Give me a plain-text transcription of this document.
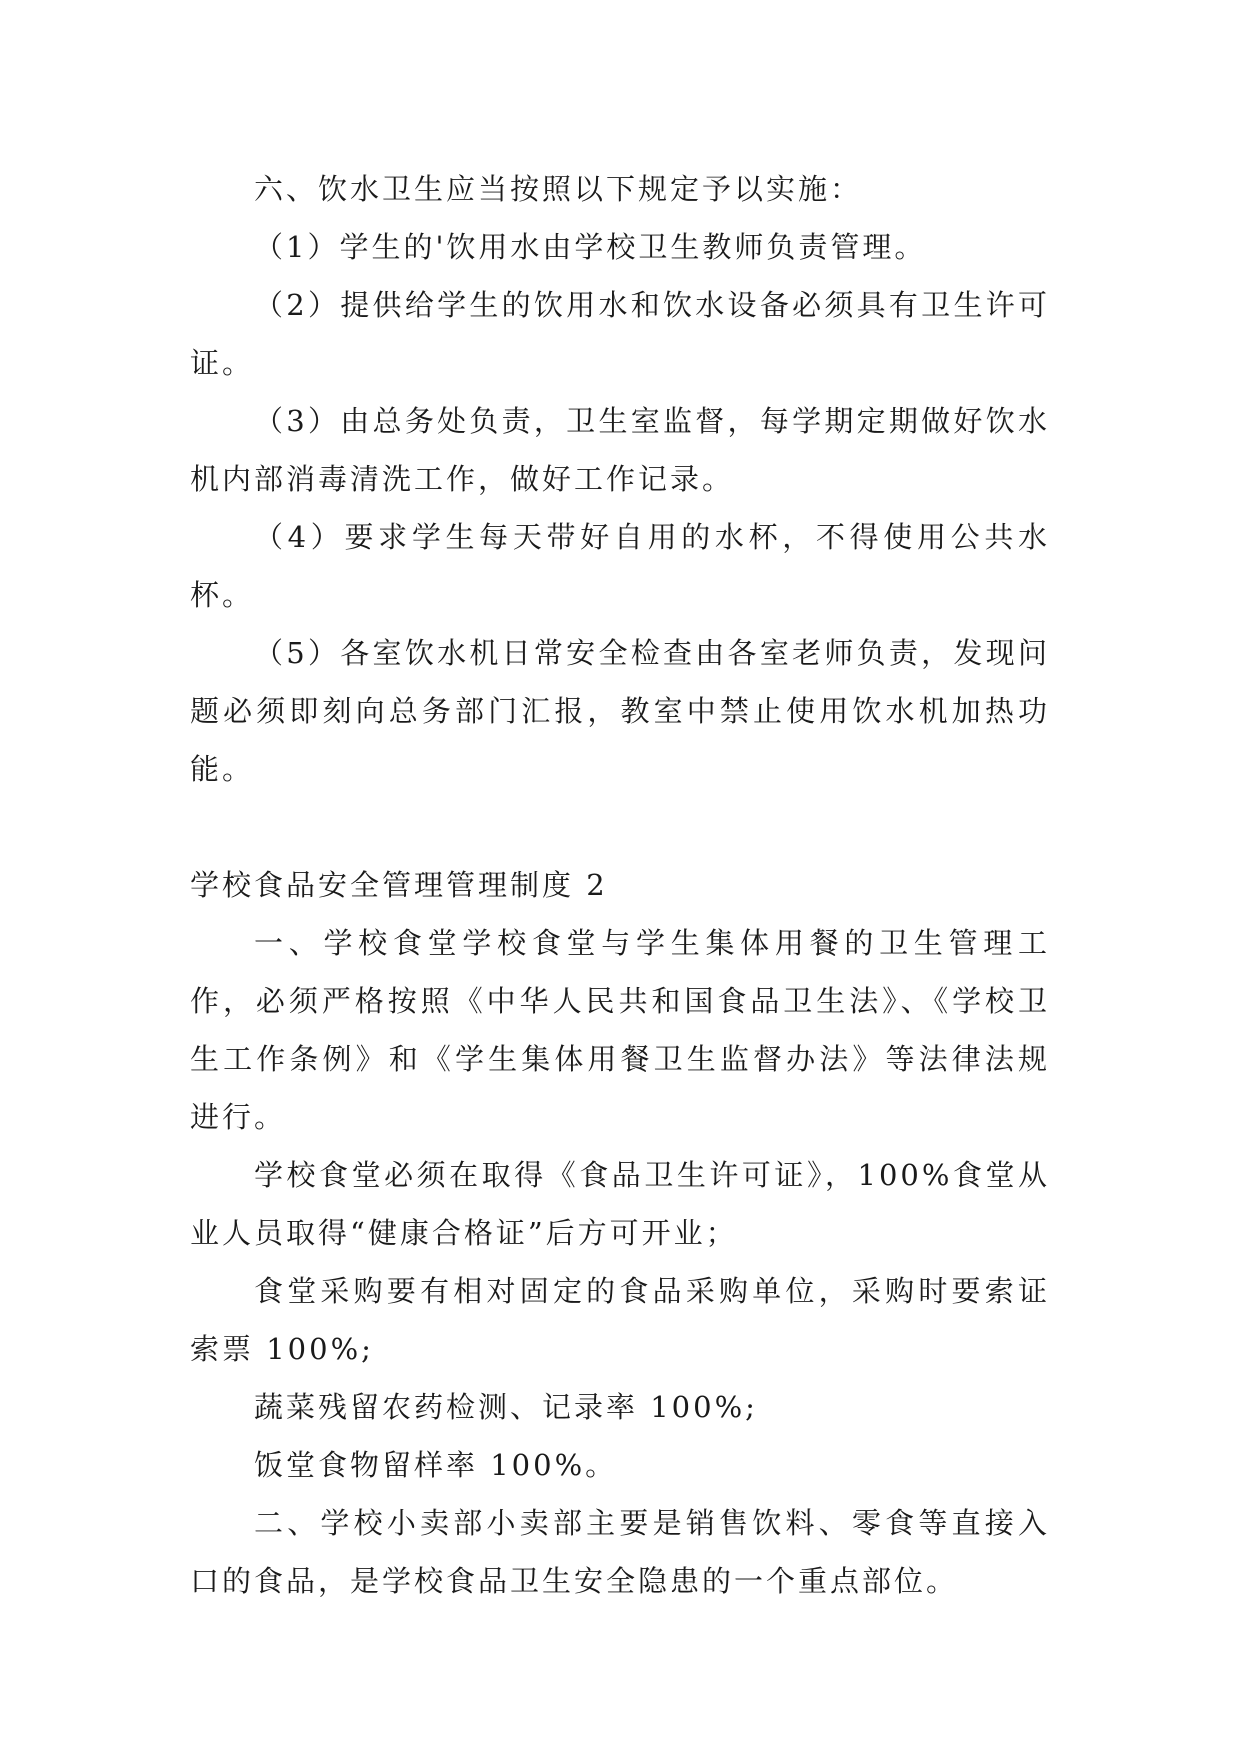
六、饮水卫生应当按照以下规定予以实施：

（1）学生的'饮用水由学校卫生教师负责管理。

（2）提供给学生的饮用水和饮水设备必须具有卫生许可证。

（3）由总务处负责，卫生室监督，每学期定期做好饮水机内部消毒清洗工作，做好工作记录。

（4）要求学生每天带好自用的水杯，不得使用公共水杯。

（5）各室饮水机日常安全检查由各室老师负责，发现问题必须即刻向总务部门汇报，教室中禁止使用饮水机加热功能。

学校食品安全管理管理制度 2

一、学校食堂学校食堂与学生集体用餐的卫生管理工作，必须严格按照《中华人民共和国食品卫生法》、《学校卫生工作条例》和《学生集体用餐卫生监督办法》等法律法规进行。

学校食堂必须在取得《食品卫生许可证》，100%食堂从业人员取得“健康合格证”后方可开业；

食堂采购要有相对固定的食品采购单位，采购时要索证索票 100%;

蔬菜残留农药检测、记录率 100%;

饭堂食物留样率 100%。

二、学校小卖部小卖部主要是销售饮料、零食等直接入口的食品，是学校食品卫生安全隐患的一个重点部位。
